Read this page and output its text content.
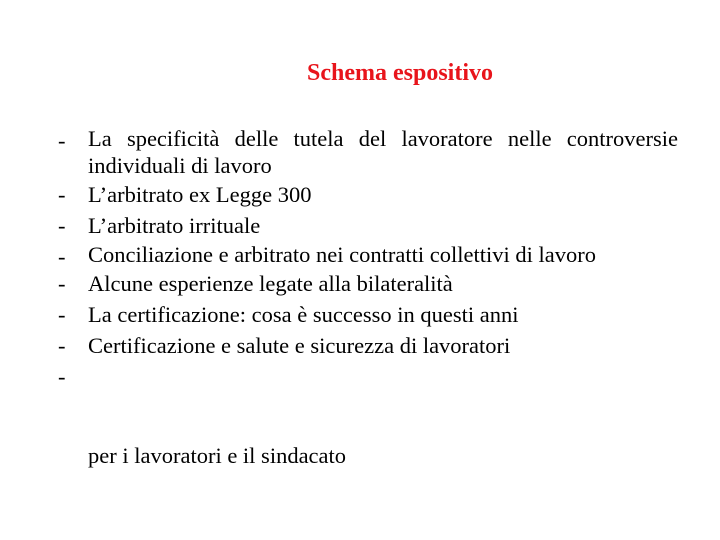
Schema espositivo
-	La specificità delle tutela del lavoratore nelle controversie individuali di lavoro
-	L’arbitrato ex Legge 300
-	L’arbitrato irrituale
-	Conciliazione e arbitrato nei contratti collettivi di lavoro
-	Alcune esperienze legate alla bilateralità
-	La certificazione: cosa è successo in questi anni
-	Certificazione e salute e sicurezza di lavoratori
-
per i lavoratori e il sindacato
